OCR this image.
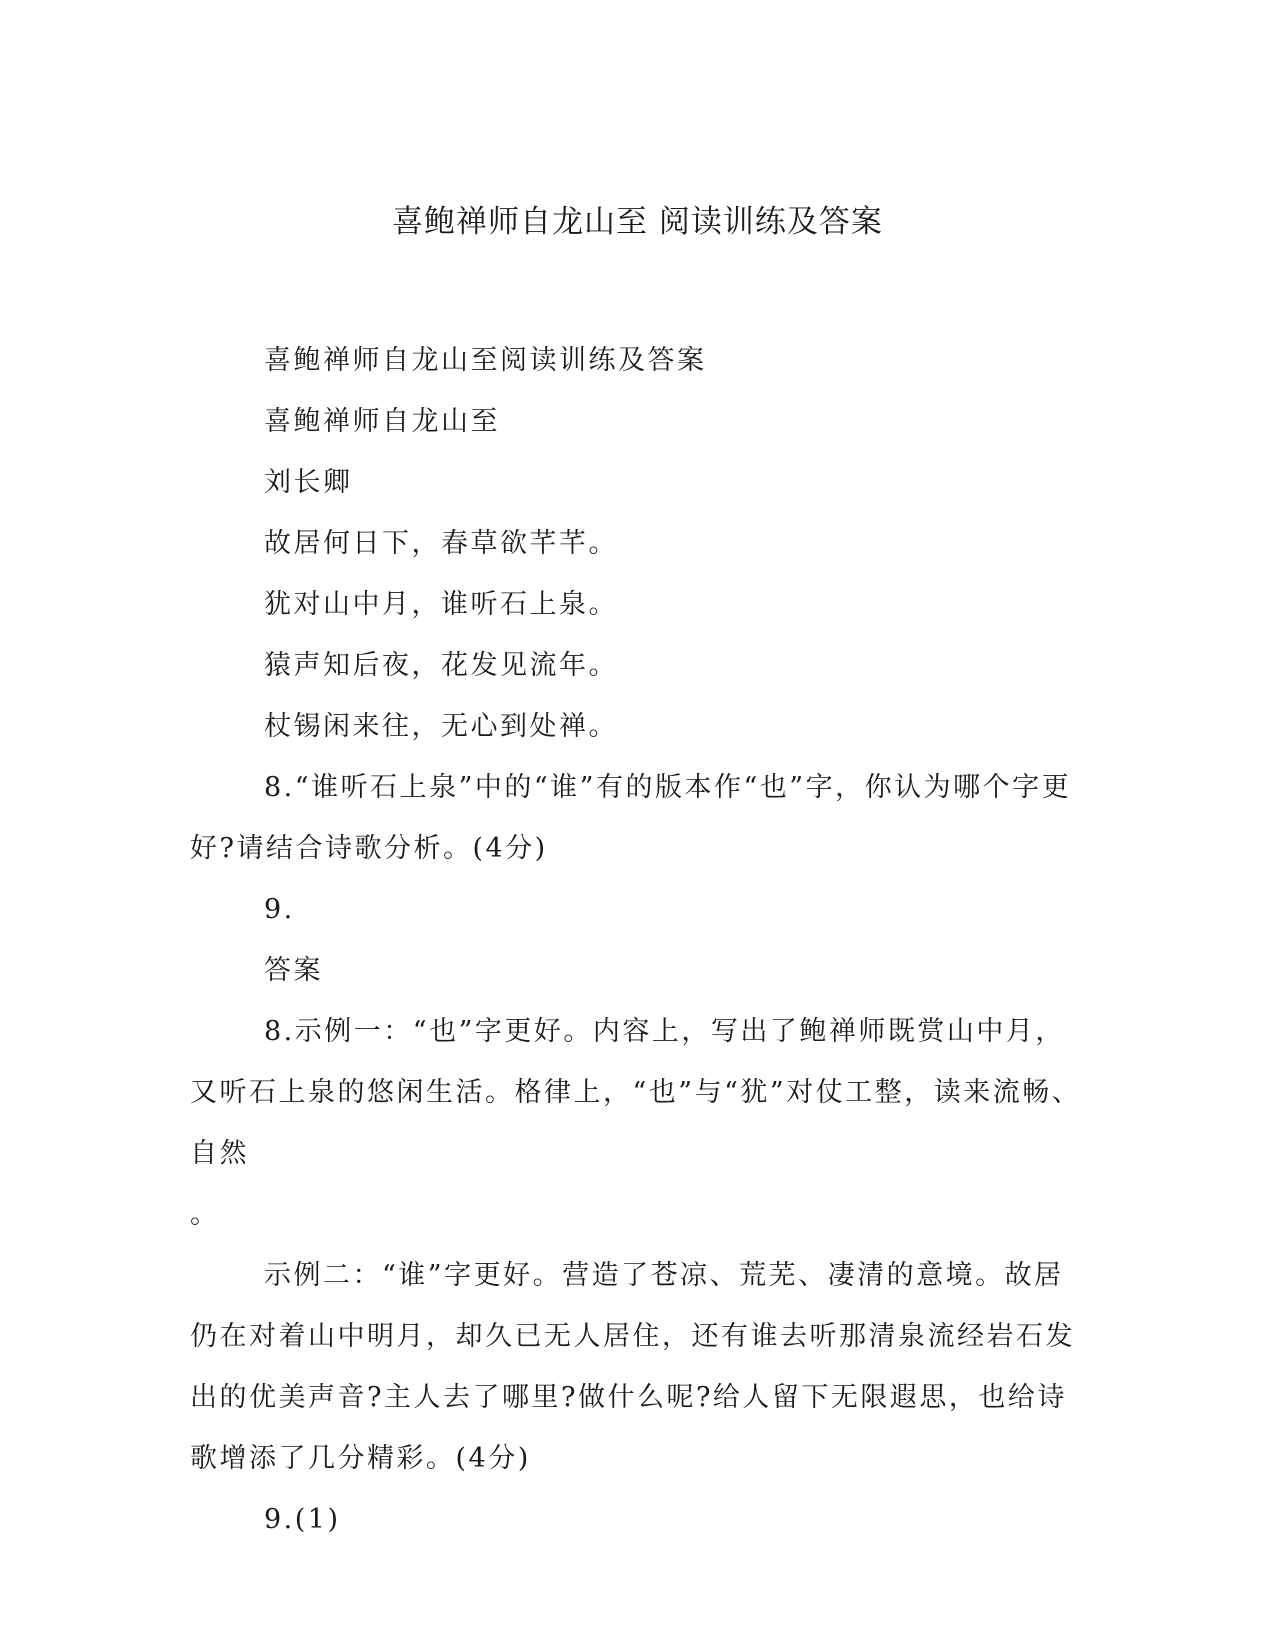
喜鲍禅师自龙山至 阅读训练及答案

喜鲍禅师自龙山至阅读训练及答案

喜鲍禅师自龙山至

刘长卿

故居何日下，春草欲芊芊。

犹对山中月，谁听石上泉。

猿声知后夜，花发见流年。

杖锡闲来往，无心到处禅。

8.“谁听石上泉”中的“谁”有的版本作“也”字，你认为哪个字更好?请结合诗歌分析。(4分)

9.

答案

8.示例一：“也”字更好。内容上，写出了鲍禅师既赏山中月，又听石上泉的悠闲生活。格律上，“也”与“犹”对仗工整，读来流畅、自然

。

示例二：“谁”字更好。营造了苍凉、荒芜、凄清的意境。故居仍在对着山中明月，却久已无人居住，还有谁去听那清泉流经岩石发出的优美声音?主人去了哪里?做什么呢?给人留下无限遐思，也给诗歌增添了几分精彩。(4分)

9.(1)
